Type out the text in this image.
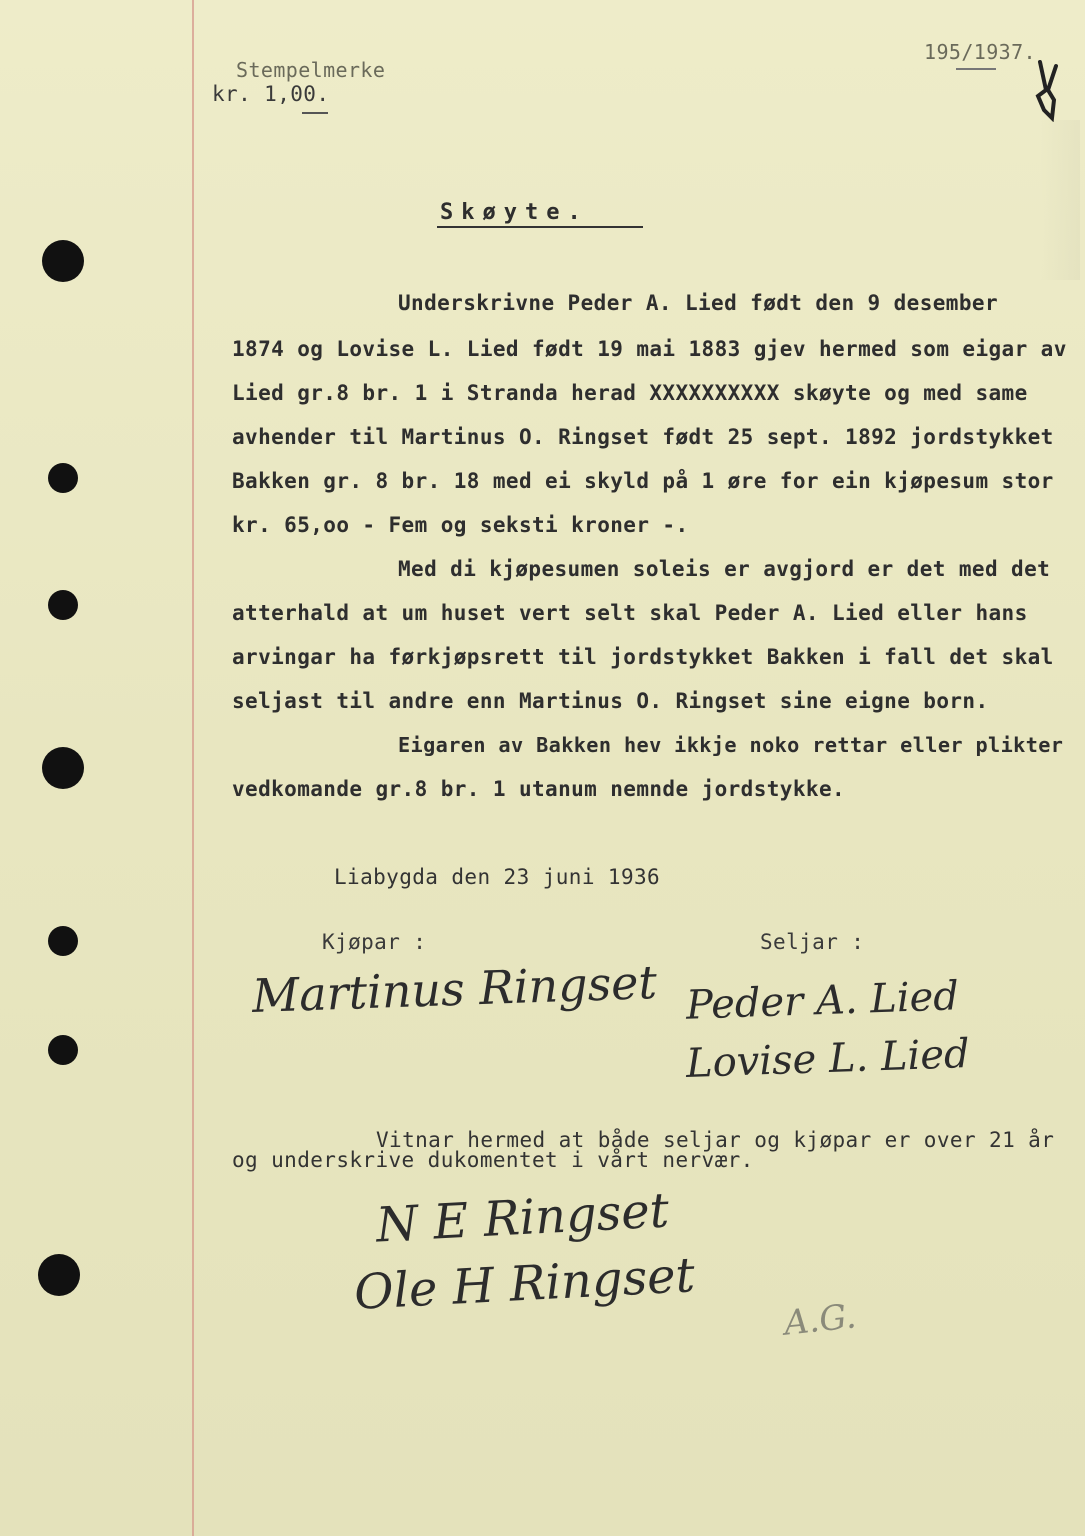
Stempelmerke
kr. 1,00.
195/1937.
Skøyte.
Underskrivne Peder A. Lied født den 9 desember
1874 og Lovise L. Lied født 19 mai 1883 gjev hermed som eigar av
Lied gr.8 br. 1 i Stranda herad XXXXXXXXXX skøyte og med same
avhender til Martinus O. Ringset født 25 sept. 1892 jordstykket
Bakken gr. 8 br. 18 med ei skyld på 1 øre for ein kjøpesum stor
kr. 65,oo - Fem og seksti kroner -.
Med di kjøpesumen soleis er avgjord er det med det
atterhald at um huset vert selt skal Peder A. Lied eller hans
arvingar ha førkjøpsrett til jordstykket Bakken i fall det skal
seljast til andre enn Martinus O. Ringset sine eigne born.
Eigaren av Bakken hev ikkje noko rettar eller plikter
vedkomande gr.8 br. 1 utanum nemnde jordstykke.
Liabygda den 23 juni 1936
Kjøpar :	Seljar :
Martinus Ringset Peder A. Lied
Lovise L. Lied
Vitnar hermed at både seljar og kjøpar er over 21 år
og underskrive dukomentet i vårt nervær.
N E Ringset
Ole H Ringset	A.G.
